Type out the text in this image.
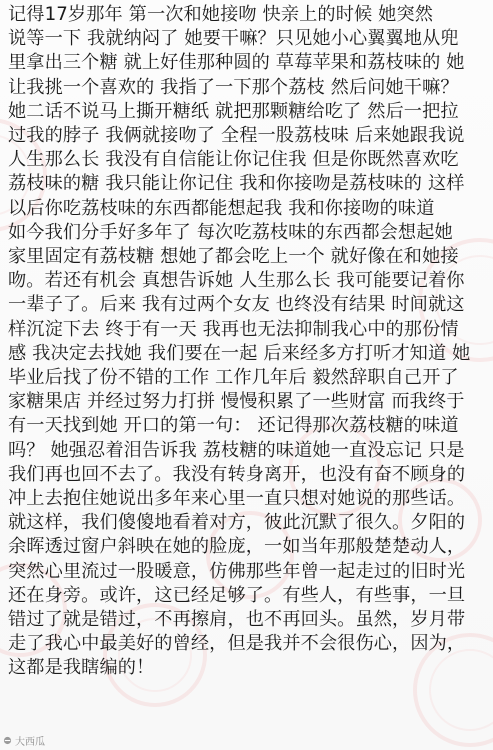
记得17岁那年 第一次和她接吻 快亲上的时候 她突然
说等一下 我就纳闷了 她要干嘛？只见她小心翼翼地从兜
里拿出三个糖 就上好佳那种圆的 草莓苹果和荔枝味的 她
让我挑一个喜欢的 我指了一下那个荔枝 然后问她干嘛？
她二话不说马上撕开糖纸 就把那颗糖给吃了 然后一把拉
过我的脖子 我俩就接吻了 全程一股荔枝味 后来她跟我说
人生那么长 我没有自信能让你记住我 但是你既然喜欢吃
荔枝味的糖 我只能让你记住 我和你接吻是荔枝味的 这样
以后你吃荔枝味的东西都能想起我 我和你接吻的味道
如今我们分手好多年了 每次吃荔枝味的东西都会想起她
家里固定有荔枝糖 想她了都会吃上一个 就好像在和她接
吻。若还有机会 真想告诉她 人生那么长 我可能要记着你
一辈子了。后来 我有过两个女友 也终没有结果 时间就这
样沉淀下去 终于有一天 我再也无法抑制我心中的那份情
感 我决定去找她 我们要在一起 后来经多方打听才知道 她
毕业后找了份不错的工作 工作几年后 毅然辞职自己开了
家糖果店 并经过努力打拼 慢慢积累了一些财富 而我终于
有一天找到她 开口的第一句： 还记得那次荔枝糖的味道
吗？ 她强忍着泪告诉我 荔枝糖的味道她一直没忘记 只是
我们再也回不去了。我没有转身离开，也没有奋不顾身的
冲上去抱住她说出多年来心里一直只想对她说的那些话。
就这样，我们傻傻地看着对方，彼此沉默了很久。夕阳的
余晖透过窗户斜映在她的脸庞，一如当年那般楚楚动人，
突然心里流过一股暖意，仿佛那些年曾一起走过的旧时光
还在身旁。或许，这已经足够了。有些人，有些事，一旦
错过了就是错过，不再擦肩，也不再回头。虽然，岁月带
走了我心中最美好的曾经，但是我并不会很伤心，因为，
这都是我瞎编的！
大西瓜
